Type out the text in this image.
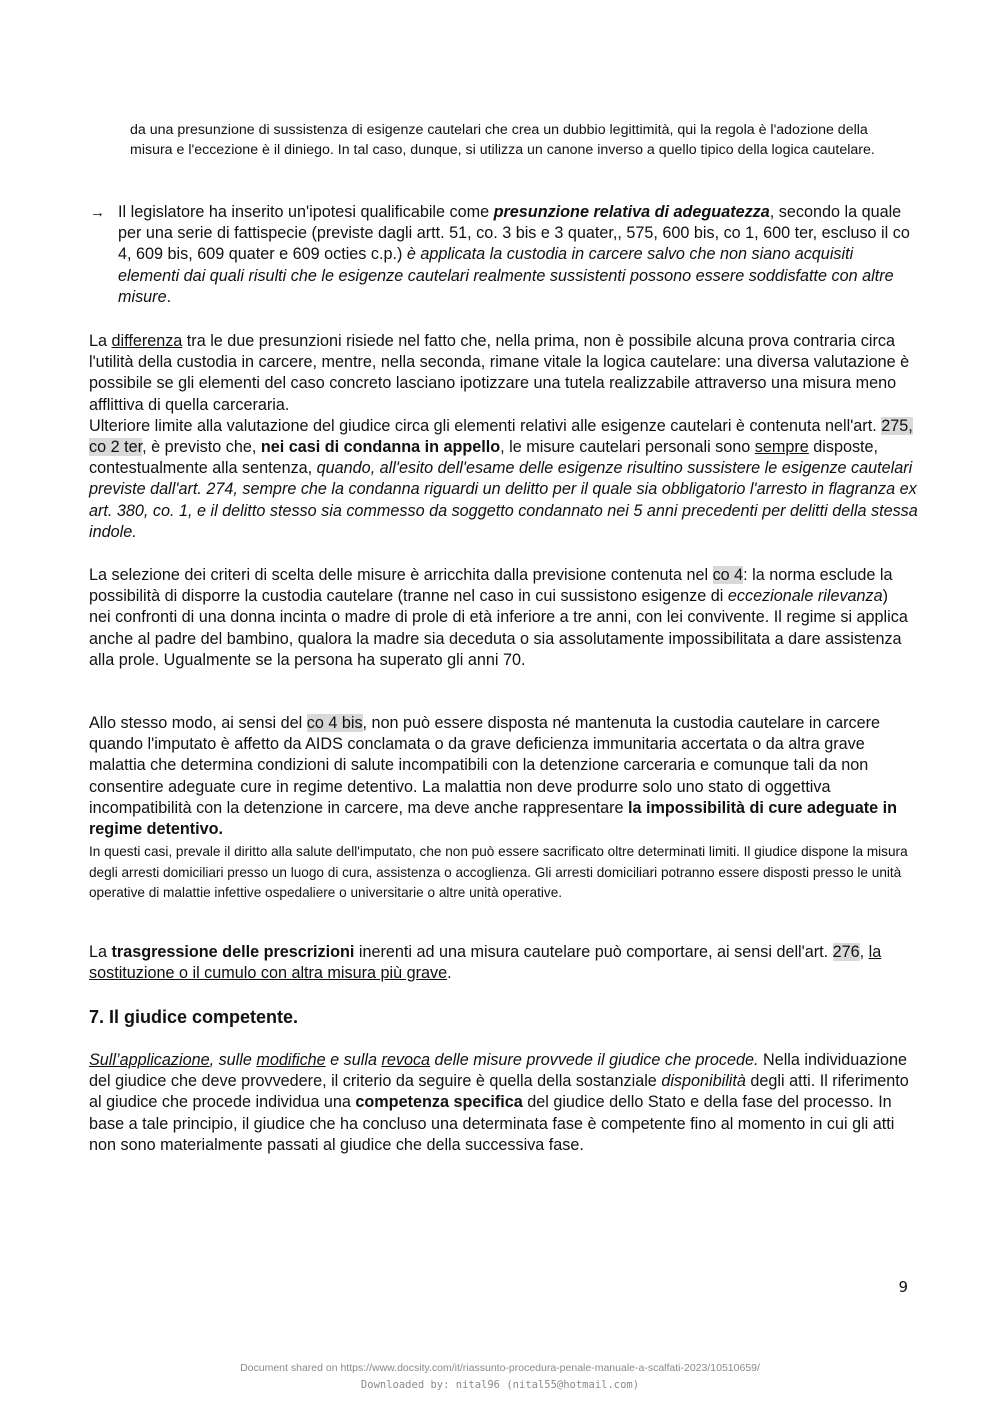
da una presunzione di sussistenza di esigenze cautelari che crea un dubbio legittimità, qui la regola è l'adozione della misura e l'eccezione è il diniego. In tal caso, dunque, si utilizza un canone inverso a quello tipico della logica cautelare.

→ Il legislatore ha inserito un'ipotesi qualificabile come presunzione relativa di adeguatezza, secondo la quale per una serie di fattispecie (previste dagli artt. 51, co. 3 bis e 3 quater,, 575, 600 bis, co 1, 600 ter, escluso il co 4, 609 bis, 609 quater e 609 octies c.p.) è applicata la custodia in carcere salvo che non siano acquisiti elementi dai quali risulti che le esigenze cautelari realmente sussistenti possono essere soddisfatte con altre misure.

La differenza tra le due presunzioni risiede nel fatto che, nella prima, non è possibile alcuna prova contraria circa l'utilità della custodia in carcere, mentre, nella seconda, rimane vitale la logica cautelare: una diversa valutazione è possibile se gli elementi del caso concreto lasciano ipotizzare una tutela realizzabile attraverso una misura meno afflittiva di quella carceraria.

Ulteriore limite alla valutazione del giudice circa gli elementi relativi alle esigenze cautelari è contenuta nell'art. 275, co 2 ter, è previsto che, nei casi di condanna in appello, le misure cautelari personali sono sempre disposte, contestualmente alla sentenza, quando, all'esito dell'esame delle esigenze risultino sussistere le esigenze cautelari previste dall'art. 274, sempre che la condanna riguardi un delitto per il quale sia obbligatorio l'arresto in flagranza ex art. 380, co. 1, e il delitto stesso sia commesso da soggetto condannato nei 5 anni precedenti per delitti della stessa indole.

La selezione dei criteri di scelta delle misure è arricchita dalla previsione contenuta nel co 4: la norma esclude la possibilità di disporre la custodia cautelare (tranne nel caso in cui sussistono esigenze di eccezionale rilevanza) nei confronti di una donna incinta o madre di prole di età inferiore a tre anni, con lei convivente. Il regime si applica anche al padre del bambino, qualora la madre sia deceduta o sia assolutamente impossibilitata a dare assistenza alla prole. Ugualmente se la persona ha superato gli anni 70.

Allo stesso modo, ai sensi del co 4 bis, non può essere disposta né mantenuta la custodia cautelare in carcere quando l'imputato è affetto da AIDS conclamata o da grave deficienza immunitaria accertata o da altra grave malattia che determina condizioni di salute incompatibili con la detenzione carceraria e comunque tali da non consentire adeguate cure in regime detentivo. La malattia non deve produrre solo uno stato di oggettiva incompatibilità con la detenzione in carcere, ma deve anche rappresentare la impossibilità di cure adeguate in regime detentivo.

In questi casi, prevale il diritto alla salute dell'imputato, che non può essere sacrificato oltre determinati limiti. Il giudice dispone la misura degli arresti domiciliari presso un luogo di cura, assistenza o accoglienza. Gli arresti domiciliari potranno essere disposti presso le unità operative di malattie infettive ospedaliere o universitarie o altre unità operative.

La trasgressione delle prescrizioni inerenti ad una misura cautelare può comportare, ai sensi dell'art. 276, la sostituzione o il cumulo con altra misura più grave.

7. Il giudice competente.

Sull’applicazione, sulle modifiche e sulla revoca delle misure provvede il giudice che procede. Nella individuazione del giudice che deve provvedere, il criterio da seguire è quella della sostanziale disponibilità degli atti. Il riferimento al giudice che procede individua una competenza specifica del giudice dello Stato e della fase del processo. In base a tale principio, il giudice che ha concluso una determinata fase è competente fino al momento in cui gli atti non sono materialmente passati al giudice che della successiva fase.

9
Document shared on https://www.docsity.com/it/riassunto-procedura-penale-manuale-a-scalfati-2023/10510659/
Downloaded by: nital96 (nital55@hotmail.com)
